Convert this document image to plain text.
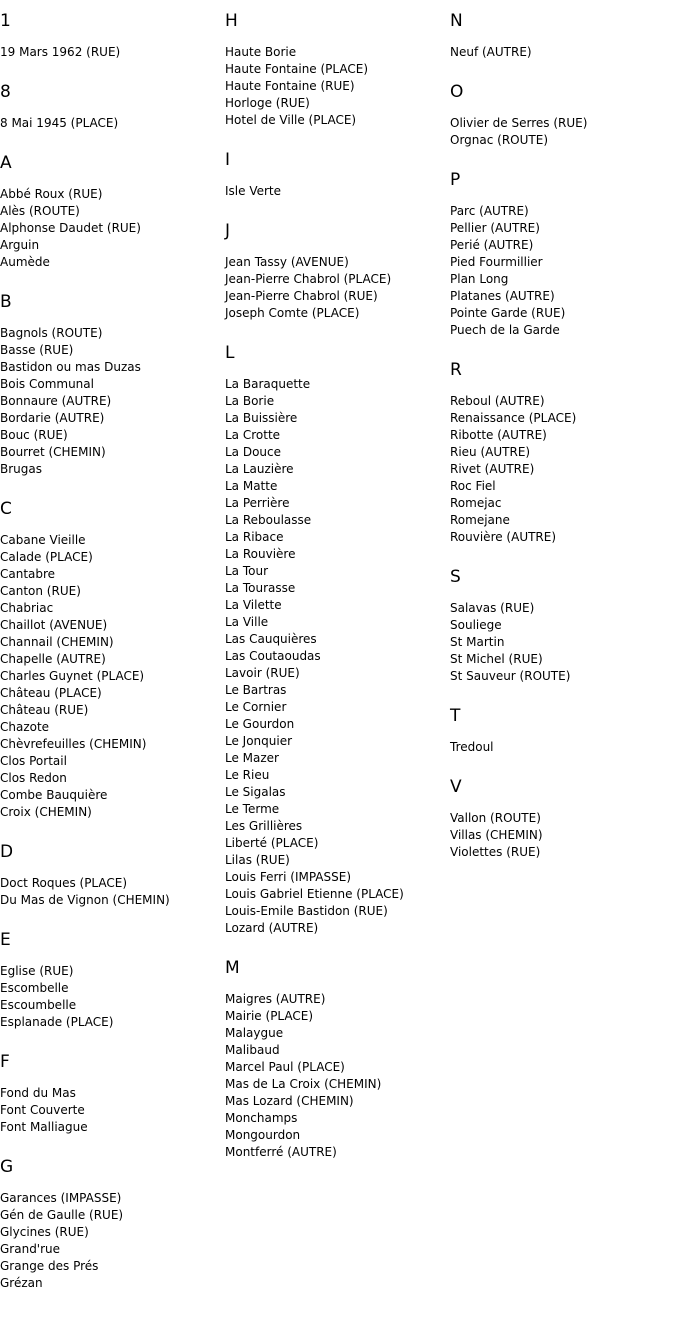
1
19 Mars 1962 (RUE)
8
8 Mai 1945 (PLACE)
A
Abbé Roux (RUE)
Alès (ROUTE)
Alphonse Daudet (RUE)
Arguin
Aumède
B
Bagnols (ROUTE)
Basse (RUE)
Bastidon ou mas Duzas
Bois Communal
Bonnaure (AUTRE)
Bordarie (AUTRE)
Bouc (RUE)
Bourret (CHEMIN)
Brugas
C
Cabane Vieille
Calade (PLACE)
Cantabre
Canton (RUE)
Chabriac
Chaillot (AVENUE)
Channail (CHEMIN)
Chapelle (AUTRE)
Charles Guynet (PLACE)
Château (PLACE)
Château (RUE)
Chazote
Chèvrefeuilles (CHEMIN)
Clos Portail
Clos Redon
Combe Bauquière
Croix (CHEMIN)
D
Doct Roques (PLACE)
Du Mas de Vignon (CHEMIN)
E
Eglise (RUE)
Escombelle
Escoumbelle
Esplanade (PLACE)
F
Fond du Mas
Font Couverte
Font Malliague
G
Garances (IMPASSE)
Gén de Gaulle (RUE)
Glycines (RUE)
Grand'rue
Grange des Prés
Grézan
H
Haute Borie
Haute Fontaine (PLACE)
Haute Fontaine (RUE)
Horloge (RUE)
Hotel de Ville (PLACE)
I
Isle Verte
J
Jean Tassy (AVENUE)
Jean-Pierre Chabrol (PLACE)
Jean-Pierre Chabrol (RUE)
Joseph Comte (PLACE)
L
La Baraquette
La Borie
La Buissière
La Crotte
La Douce
La Lauzière
La Matte
La Perrière
La Reboulasse
La Ribace
La Rouvière
La Tour
La Tourasse
La Vilette
La Ville
Las Cauquières
Las Coutaoudas
Lavoir (RUE)
Le Bartras
Le Cornier
Le Gourdon
Le Jonquier
Le Mazer
Le Rieu
Le Sigalas
Le Terme
Les Grillières
Liberté (PLACE)
Lilas (RUE)
Louis Ferri (IMPASSE)
Louis Gabriel Etienne (PLACE)
Louis-Emile Bastidon (RUE)
Lozard (AUTRE)
M
Maigres (AUTRE)
Mairie (PLACE)
Malaygue
Malibaud
Marcel Paul (PLACE)
Mas de La Croix (CHEMIN)
Mas Lozard (CHEMIN)
Monchamps
Mongourdon
Montferré (AUTRE)
N
Neuf (AUTRE)
O
Olivier de Serres (RUE)
Orgnac (ROUTE)
P
Parc (AUTRE)
Pellier (AUTRE)
Perié (AUTRE)
Pied Fourmillier
Plan Long
Platanes (AUTRE)
Pointe Garde (RUE)
Puech de la Garde
R
Reboul (AUTRE)
Renaissance (PLACE)
Ribotte (AUTRE)
Rieu (AUTRE)
Rivet (AUTRE)
Roc Fiel
Romejac
Romejane
Rouvière (AUTRE)
S
Salavas (RUE)
Souliege
St Martin
St Michel (RUE)
St Sauveur (ROUTE)
T
Tredoul
V
Vallon (ROUTE)
Villas (CHEMIN)
Violettes (RUE)
